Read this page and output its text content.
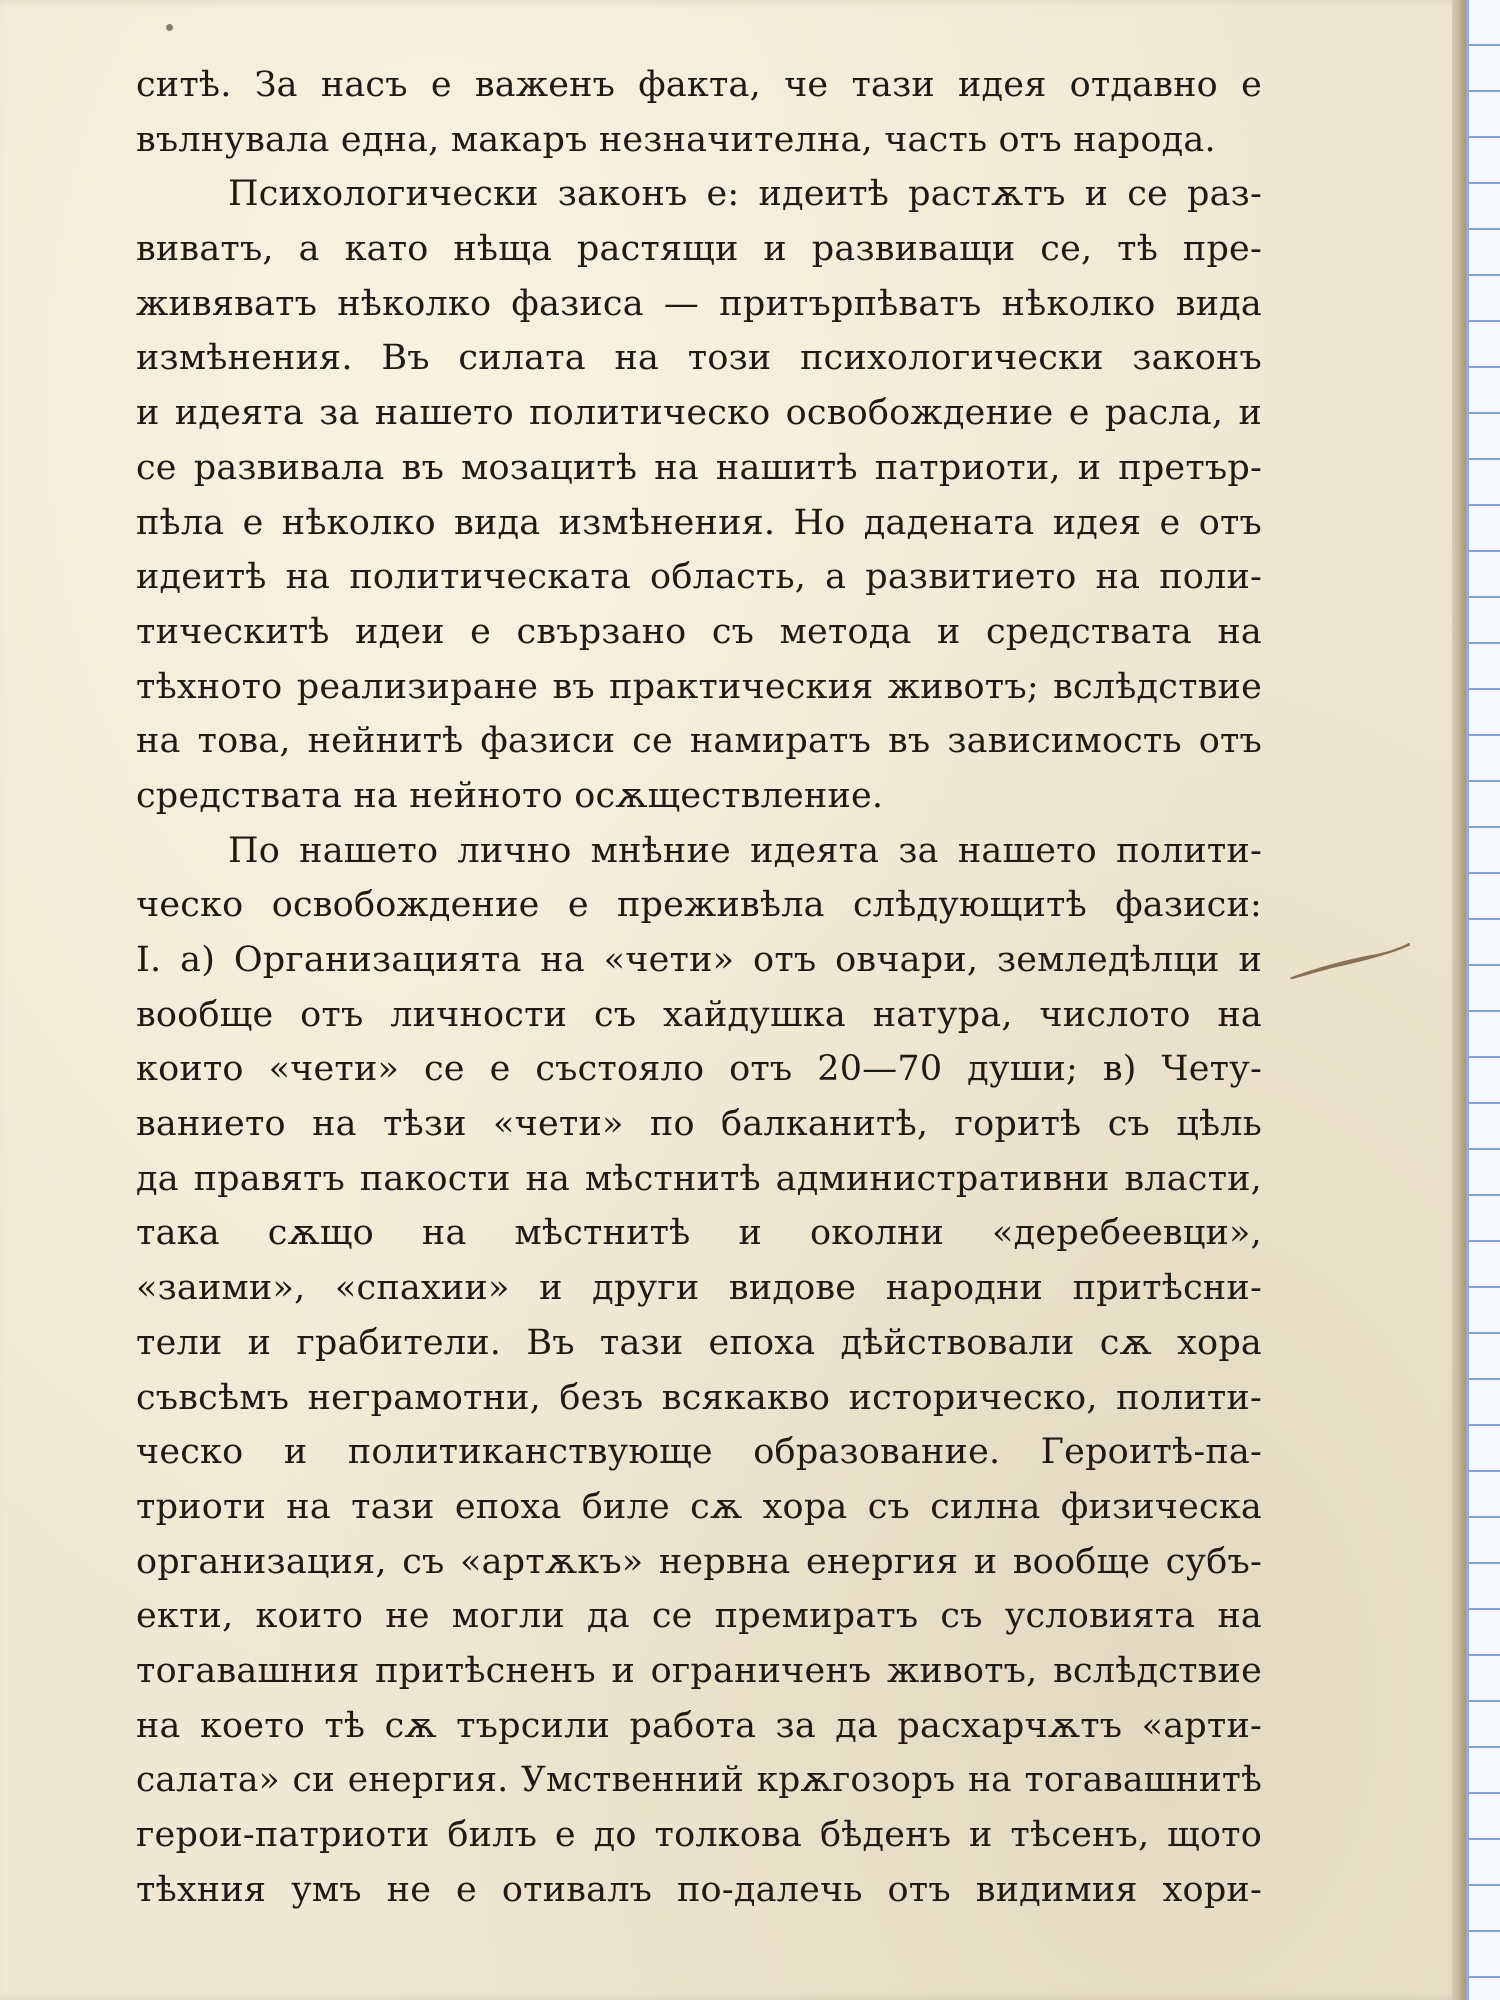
ситѣ. За насъ е важенъ факта, че тази идея отдавно е
вълнувала една, макаръ незначителна, часть отъ народа.
Психологически законъ е: идеитѣ растѫтъ и се раз-
виватъ, а като нѣща растящи и развиващи се, тѣ пре-
живяватъ нѣколко фазиса — притърпѣватъ нѣколко вида
измѣнения. Въ силата на този психологически законъ
и идеята за нашето политическо освобождение е расла, и
се развивала въ мозацитѣ на нашитѣ патриоти, и претър-
пѣла е нѣколко вида измѣнения. Но дадената идея е отъ
идеитѣ на политическата область, а развитието на поли-
тическитѣ идеи е свързано съ метода и средствата на
тѣхното реализиране въ практическия животъ; вслѣдствие
на това, нейнитѣ фазиси се намиратъ въ зависимость отъ
средствата на нейното осѫществление.
По нашето лично мнѣние идеята за нашето полити-
ческо освобождение е преживѣла слѣдующитѣ фазиси:
I. а) Организацията на «чети» отъ овчари, земледѣлци и
вообще отъ личности съ хайдушка натура, числото на
които «чети» се е състояло отъ 20—70 души; в) Чету-
ванието на тѣзи «чети» по балканитѣ, горитѣ съ цѣль
да правятъ пакости на мѣстнитѣ административни власти,
така сѫщо на мѣстнитѣ и околни «деребеевци»,
«заими», «спахии» и други видове народни притѣсни-
тели и грабители. Въ тази епоха дѣйствовали сѫ хора
съвсѣмъ неграмотни, безъ всякакво историческо, полити-
ческо и политиканствующе образование. Героитѣ-па-
триоти на тази епоха биле сѫ хора съ силна физическа
организация, съ «артѫкъ» нервна енергия и вообще субъ-
екти, които не могли да се премиратъ съ условията на
тогавашния притѣсненъ и ограниченъ животъ, вслѣдствие
на което тѣ сѫ търсили работа за да расхарчѫтъ «арти-
салата» си енергия. Умственний крѫгозоръ на тогавашнитѣ
герои-патриоти билъ е до толкова бѣденъ и тѣсенъ, щото
тѣхния умъ не е отивалъ по-далечь отъ видимия хори-
